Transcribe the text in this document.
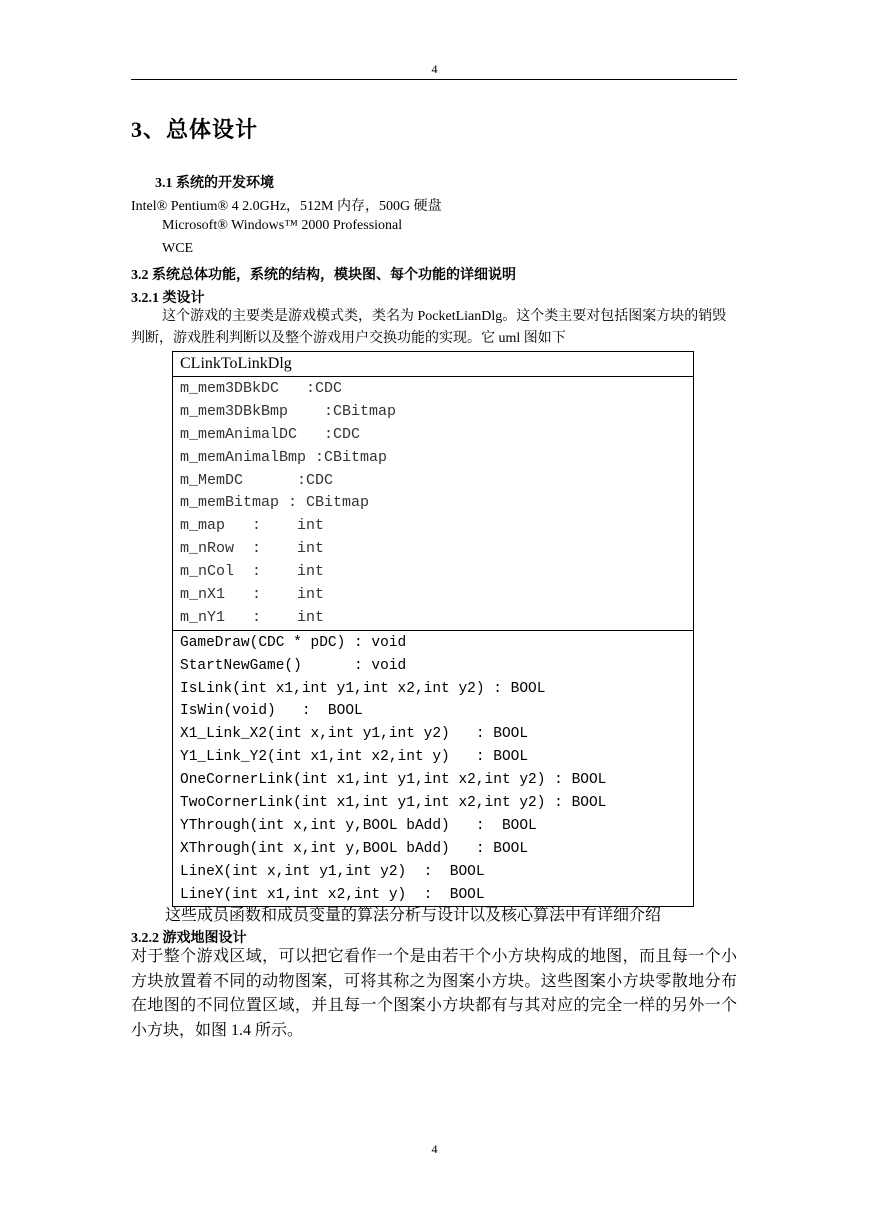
4
3、总体设计
3.1 系统的开发环境
Intel® Pentium® 4 2.0GHz，512M 内存，500G 硬盘
Microsoft® Windows™ 2000 Professional
WCE
3.2 系统总体功能，系统的结构，模块图、每个功能的详细说明
3.2.1 类设计
这个游戏的主要类是游戏模式类，类名为 PocketLianDlg。这个类主要对包括图案方块的销毁判断，游戏胜利判断以及整个游戏用户交换功能的实现。它 uml 图如下
CLinkToLinkDlg
m_mem3DBkDC   :CDC
m_mem3DBkBmp    :CBitmap
m_memAnimalDC   :CDC
m_memAnimalBmp :CBitmap
m_MemDC      :CDC
m_memBitmap : CBitmap
m_map   :    int
m_nRow  :    int
m_nCol  :    int
m_nX1   :    int
m_nY1   :    int
GameDraw(CDC * pDC) : void
StartNewGame()      : void
IsLink(int x1,int y1,int x2,int y2) : BOOL
IsWin(void)   :  BOOL
X1_Link_X2(int x,int y1,int y2)   : BOOL
Y1_Link_Y2(int x1,int x2,int y)   : BOOL
OneCornerLink(int x1,int y1,int x2,int y2) : BOOL
TwoCornerLink(int x1,int y1,int x2,int y2) : BOOL
YThrough(int x,int y,BOOL bAdd)   :  BOOL
XThrough(int x,int y,BOOL bAdd)   : BOOL
LineX(int x,int y1,int y2)  :  BOOL
LineY(int x1,int x2,int y)  :  BOOL
这些成员函数和成员变量的算法分析与设计以及核心算法中有详细介绍
3.2.2 游戏地图设计
对于整个游戏区域，可以把它看作一个是由若干个小方块构成的地图，而且每一个小方块放置着不同的动物图案，可将其称之为图案小方块。这些图案小方块零散地分布在地图的不同位置区域，并且每一个图案小方块都有与其对应的完全一样的另外一个小方块，如图 1.4 所示。
4
